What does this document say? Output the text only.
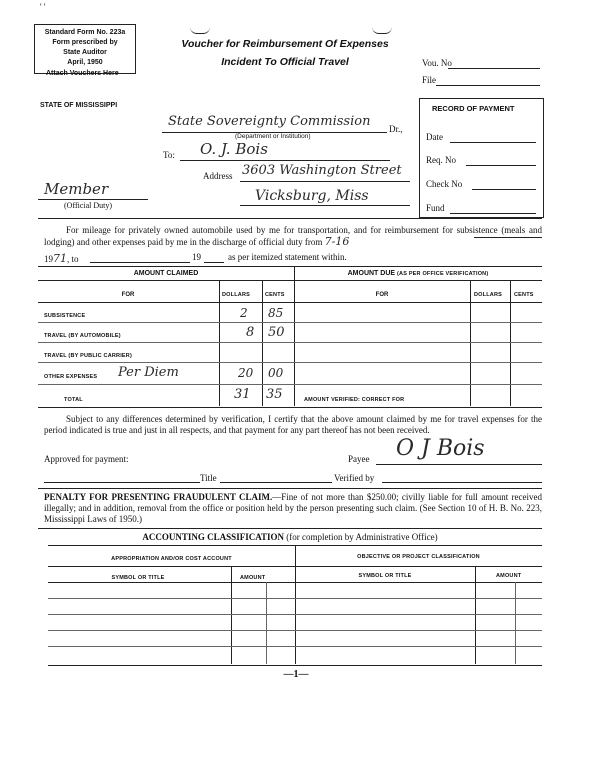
' '
Standard Form No. 223a
Form prescribed by
State Auditor
April, 1950
Attach Vouchers Here
Voucher for Reimbursement Of Expenses
Incident To Official Travel	Vou. No
File
STATE OF MISSISSIPPI	RECORD OF PAYMENT
Date
Req. No
Check No
Fund
State Sovereignty Commission Dr.,
(Department or Institution)
To: O. J. Bois
Address 3603 Washington Street
Vicksburg, Miss
Member
(Official Duty)
For mileage for privately owned automobile used by me for transportation, and for reimbursement for subsistence (meals and lodging) and other expenses paid by me in the discharge of official duty from 7-16
1971, to	19	as per itemized statement within.
AMOUNT CLAIMED
FOR	DOLLARS	CENTS
SUBSISTENCE	2 85
TRAVEL (BY AUTOMOBILE)	8 50
TRAVEL (BY PUBLIC CARRIER)
OTHER EXPENSES Per Diem	20 00
TOTAL	31 35
AMOUNT DUE (AS PER OFFICE VERIFICATION)
FOR	DOLLARS CENTS
AMOUNT VERIFIED: CORRECT FOR
Subject to any differences determined by verification, I certify that the above amount claimed by me for travel expenses for the period indicated is true and just in all respects, and that payment for any part thereof has not been received.
Approved for payment:	Payee O J Bois
Title	Verified by
PENALTY FOR PRESENTING FRAUDULENT CLAIM.—Fine of not more than $250.00; civilly liable for full amount received illegally; and in addition, removal from the office or position held by the person presenting such claim. (See Section 10 of H. B. No. 223, Mississippi Laws of 1950.)
ACCOUNTING CLASSIFICATION (for completion by Administrative Office)
APPROPRIATION AND/OR COST ACCOUNT	OBJECTIVE OR PROJECT CLASSIFICATION
SYMBOL OR TITLE	AMOUNT	SYMBOL OR TITLE	AMOUNT
—1—
